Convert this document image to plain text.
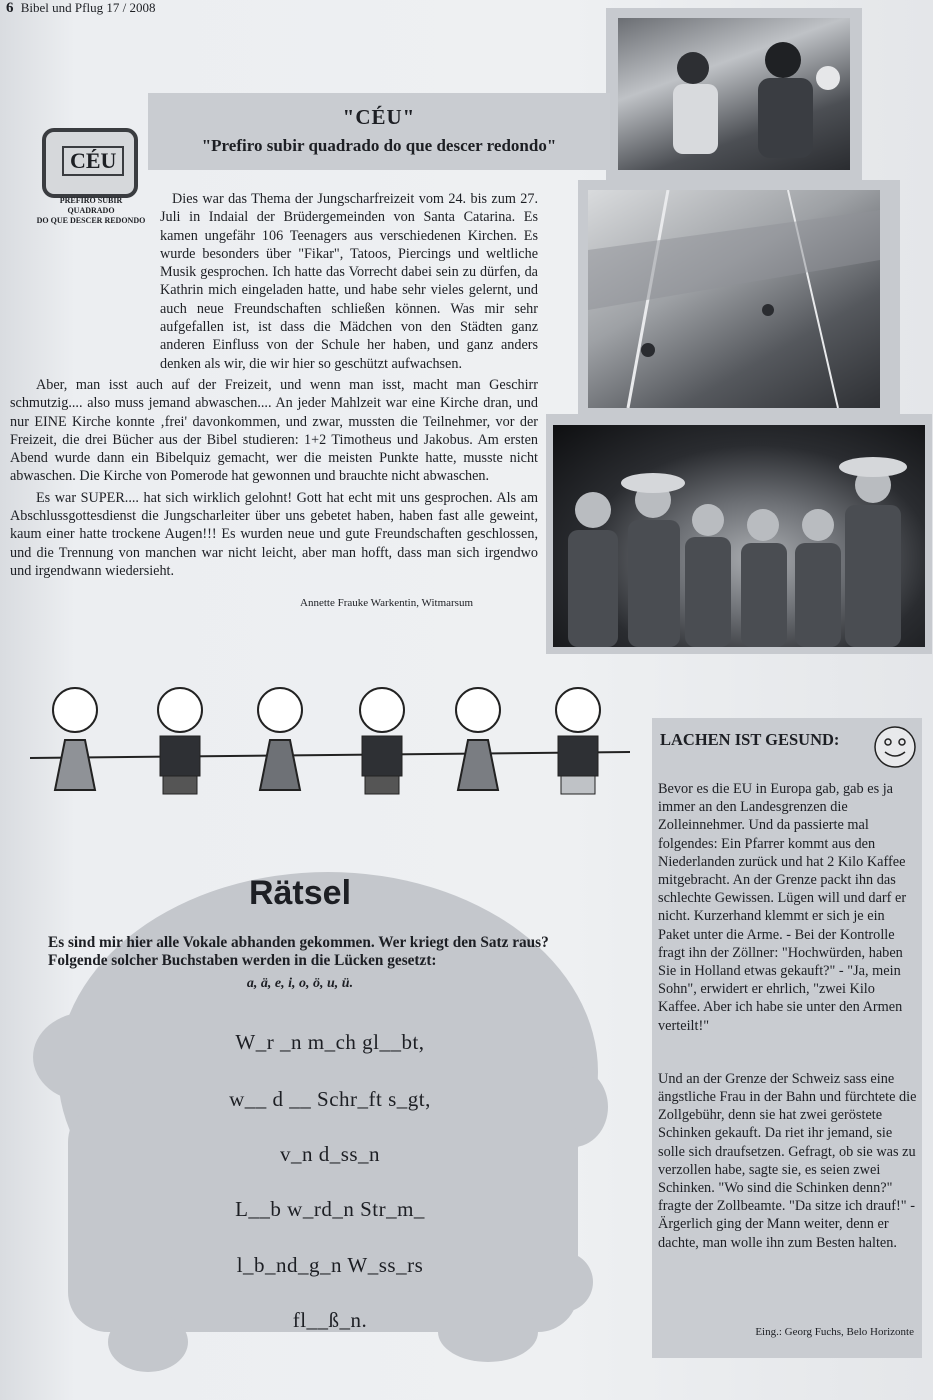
6 Bibel und Pflug 17 / 2008
"CÉU"
"Prefiro subir quadrado do que descer redondo"
CÉU
PREFIRO SUBIR
QUADRADO
DO QUE DESCER REDONDO

Dies war das Thema der Jungscharfreizeit vom 24. bis zum 27. Juli in Indaial der Brüdergemeinden von Santa Catarina. Es kamen ungefähr 106 Teenagers aus verschiedenen Kirchen. Es wurde besonders über "Fikar", Tatoos, Piercings und weltliche Musik gesprochen. Ich hatte das Vorrecht dabei sein zu dürfen, da Kathrin mich eingeladen hatte, und habe sehr vieles gelernt, und auch neue Freundschaften schließen können. Was mir sehr aufgefallen ist, ist dass die Mädchen von den Städten ganz anderen Einfluss von der Schule her haben, und ganz anders denken als wir, die wir hier so geschützt aufwachsen.

Aber, man isst auch auf der Freizeit, und wenn man isst, macht man Geschirr schmutzig.... also muss jemand abwaschen.... An jeder Mahlzeit war eine Kirche dran, und nur EINE Kirche konnte ‚frei' davonkommen, und zwar, mussten die Teilnehmer, vor der Freizeit, die drei Bücher aus der Bibel studieren: 1+2 Timotheus und Jakobus. Am ersten Abend wurde dann ein Bibelquiz gemacht, wer die meisten Punkte hatte, musste nicht abwaschen. Die Kirche von Pomerode hat gewonnen und brauchte nicht abwaschen.

Es war SUPER.... hat sich wirklich gelohnt! Gott hat echt mit uns gesprochen. Als am Abschlussgottesdienst die Jungscharleiter über uns gebetet haben, haben fast alle geweint, kaum einer hatte trockene Augen!!! Es wurden neue und gute Freundschaften geschlossen, und die Trennung von manchen war nicht leicht, aber man hofft, dass man sich irgendwo und irgendwann wiedersieht.

Annette Frauke Warkentin, Witmarsum
Rätsel
Es sind mir hier alle Vokale abhanden gekommen. Wer kriegt den Satz raus? Folgende solcher Buchstaben werden in die Lücken gesetzt:
a, ä, e, i, o, ö, u, ü.
W_r _n m_ch gl__bt,
w__ d __ Schr_ft s_gt,
v_n d_ss_n
L__b w_rd_n Str_m_
l_b_nd_g_n W_ss_rs
fl__ß_n.
LACHEN IST GESUND:

Bevor es die EU in Europa gab, gab es ja immer an den Landesgrenzen die Zolleinnehmer. Und da passierte mal folgendes: Ein Pfarrer kommt aus den Niederlanden zurück und hat 2 Kilo Kaffee mitgebracht. An der Grenze packt ihn das schlechte Gewissen. Lügen will und darf er nicht. Kurzerhand klemmt er sich je ein Paket unter die Arme. - Bei der Kontrolle fragt ihn der Zöllner: "Hochwürden, haben Sie in Holland etwas gekauft?" - "Ja, mein Sohn", erwidert er ehrlich, "zwei Kilo Kaffee. Aber ich habe sie unter den Armen verteilt!"

Und an der Grenze der Schweiz sass eine ängstliche Frau in der Bahn und fürchtete die Zollgebühr, denn sie hat zwei geröstete Schinken gekauft. Da riet ihr jemand, sie solle sich draufsetzen. Gefragt, ob sie was zu verzollen habe, sagte sie, es seien zwei Schinken. "Wo sind die Schinken denn?" fragte der Zollbeamte. "Da sitze ich drauf!" - Ärgerlich ging der Mann weiter, denn er dachte, man wolle ihn zum Besten halten.

Eing.: Georg Fuchs, Belo Horizonte
